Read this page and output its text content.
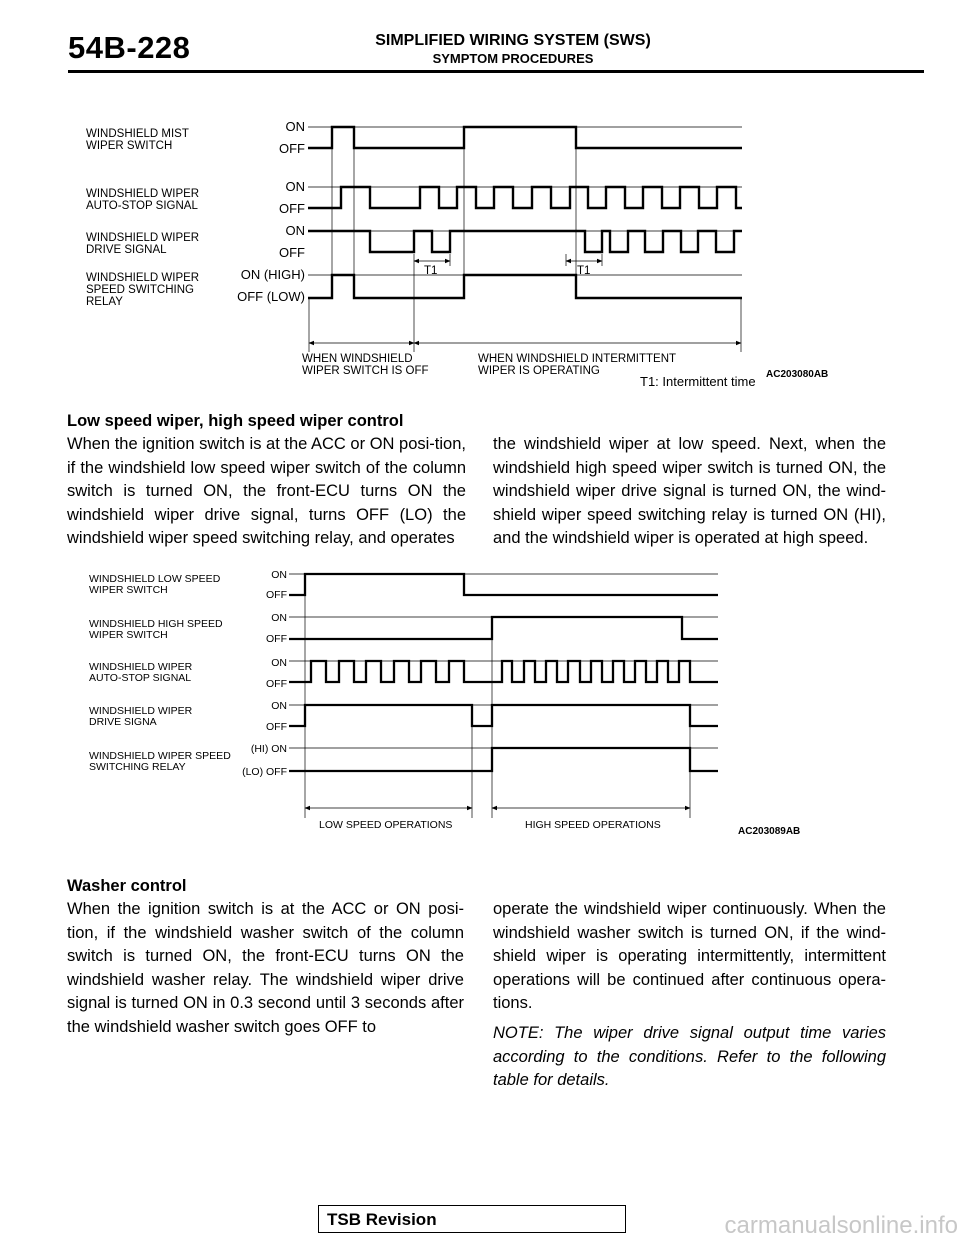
54B-228	SIMPLIFIED WIRING SYSTEM (SWS)
SYMPTOM PROCEDURES
WINDSHIELD MIST
WIPER SWITCH
WINDSHIELD WIPER
AUTO-STOP SIGNAL
WINDSHIELD WIPER
DRIVE SIGNAL
WINDSHIELD WIPER
SPEED SWITCHING
RELAY
ON
OFF
ON
OFF
ON
OFF
ON (HIGH)
OFF (LOW)
T1	T1
WHEN WINDSHIELD
WIPER SWITCH IS OFF
WHEN WINDSHIELD INTERMITTENT
WIPER IS OPERATING
T1: Intermittent time AC203080AB
Low speed wiper, high speed wiper control
When the ignition switch is at the ACC or ON posi-tion, if the windshield low speed wiper switch of the column switch is turned ON, the front-ECU turns ON the windshield wiper drive signal, turns OFF (LO) the windshield wiper speed switching relay, and operates
the windshield wiper at low speed. Next, when the windshield high speed wiper switch is turned ON, the windshield wiper drive signal is turned ON, the wind-shield wiper speed switching relay is turned ON (HI), and the windshield wiper is operated at high speed.
WINDSHIELD LOW SPEED
WIPER SWITCH
WINDSHIELD HIGH SPEED
WIPER SWITCH
WINDSHIELD WIPER
AUTO-STOP SIGNAL
WINDSHIELD WIPER
DRIVE SIGNA
WINDSHIELD WIPER SPEED
SWITCHING RELAY
ON
OFF
ON
OFF
ON
OFF
ON
OFF
(HI) ON
(LO) OFF
LOW SPEED OPERATIONS	HIGH SPEED OPERATIONS
AC203089AB
Washer control
When the ignition switch is at the ACC or ON posi-tion, if the windshield washer switch of the column switch is turned ON, the front-ECU turns ON the windshield washer relay. The windshield wiper drive signal is turned ON in 0.3 second until 3 seconds after the windshield washer switch goes OFF to
operate the windshield wiper continuously. When the windshield washer switch is turned ON, if the wind-shield wiper is operating intermittently, intermittent operations will be continued after continuous opera-tions.
NOTE: The wiper drive signal output time varies according to the conditions. Refer to the following table for details.
TSB Revision	carmanualsonline.info
